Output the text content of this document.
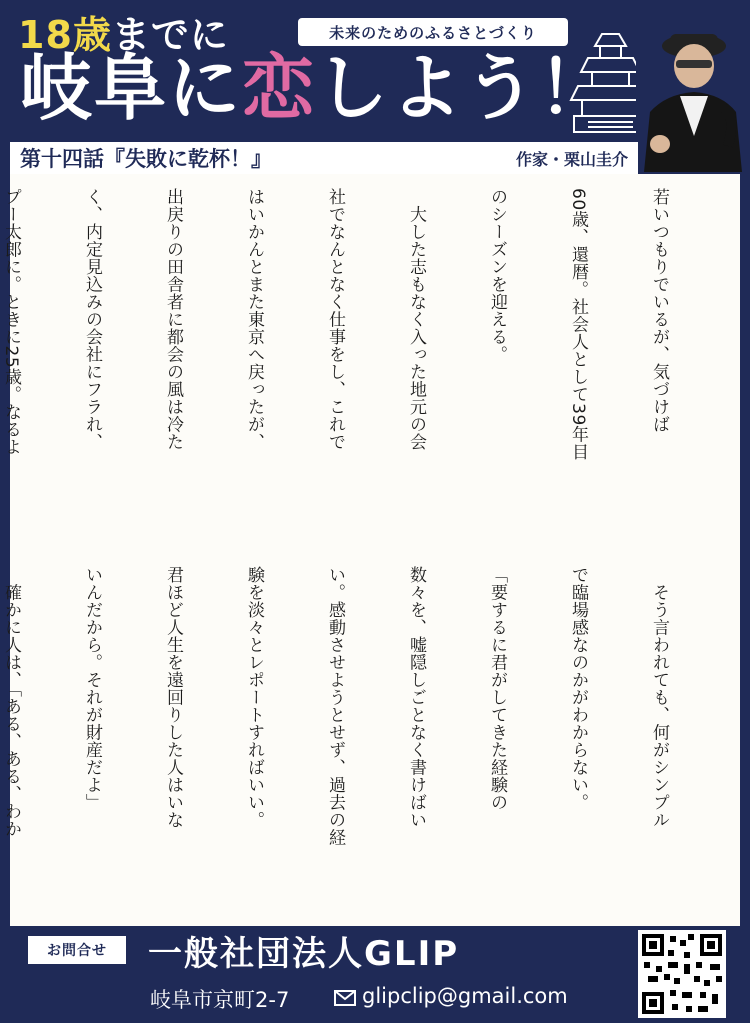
18歳までに	未来のためのふるさとづくり
岐阜に恋しよう！
第十四話『失敗に乾杯！』	作家・栗山圭介

若いつもりでいるが、気づけば

60歳、還暦。社会人として39年目

のシーズンを迎える。

　大した志もなく入った地元の会

社でなんとなく仕事をし、これで

はいかんとまた東京へ戻ったが、

出戻りの田舎者に都会の風は冷た

く、内定見込みの会社にフラれ、

プー太郎に。ときに25歳。なるよ

　そう言われても、何がシンプル

で臨場感なのかがわからない。

「要するに君がしてきた経験の

数々を、嘘隠しごとなく書けばい

い。感動させようとせず、過去の経

験を淡々とレポートすればいい。

君ほど人生を遠回りした人はいな

いんだから。それが財産だよ」

　確かに人は、「ある、ある、わか

お問合せ	一般社団法人GLIP
岐阜市京町2-7	glipclip@gmail.com
